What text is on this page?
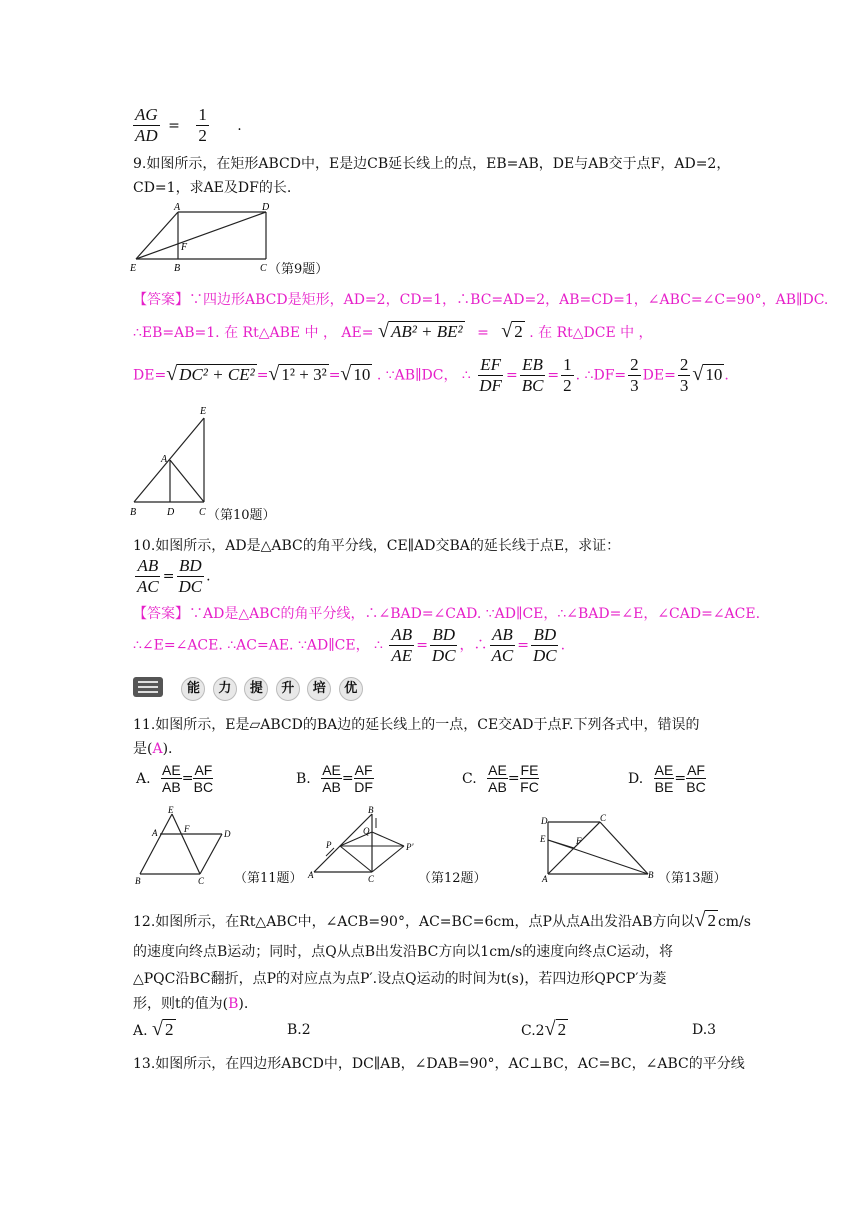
$\frac{AG}{AD} = \frac{1}{2}$ .
9.如图所示，在矩形ABCD中，E是边CB延长线上的点，EB=AB，DE与AB交于点F，AD=2，
CD=1，求AE及DF的长.
A	D
F
E	B	C （第9题）
【答案】∵四边形ABCD是矩形，AD=2，CD=1，∴BC=AD=2，AB=CD=1，∠ABC=∠C=90°，AB∥DC.
∴EB=AB=1. 在 Rt△ABE 中 ， AE= √ AB² + BE² = √ 2 . 在 Rt△DCE 中 ，
DE=√ DC² + CE² =√ 1² + 3² =√ 10 . ∵AB∥DC， ∴ $\frac{EF}{DF} = \frac{EB}{BC} = \frac{1}{2}$ . ∴DF= $\frac{2}{3} DE= \frac{2}{3}$ √ 10 .
E
A
B	D C （第10题）
10.如图所示，AD是△ABC的角平分线，CE∥AD交BA的延长线于点E，求证：
$\frac{AB}{AC} = \frac{BD}{DC}$ .
【答案】∵AD是△ABC的角平分线，∴∠BAD=∠CAD. ∵AD∥CE，∴∠BAD=∠E，∠CAD=∠ACE.
∴∠E=∠ACE. ∴AC=AE. ∵AD∥CE， ∴ $\frac{AB}{AE} = \frac{BD}{DC}$ ，∴ $\frac{AB}{AC} = \frac{BD}{DC}$ .
能 力 提 升 培 优
11.如图所示，E是▱ABCD的BA边的延长线上的一点，CE交AD于点F.下列各式中，错误的
是(A).
A. $\frac{AE}{AB} = \frac{AF}{BC}$	B. $\frac{AE}{AB} = \frac{AF}{DF}$	C. $\frac{AE}{AB} = \frac{FE}{FC}$	D. $\frac{AE}{BE} = \frac{AF}{BC}$
E
A	F	D
B	C （第11题）
B
Q
P	P'
A	C	（第12题）
D	C
E	F
A	B （第13题）
12.如图所示，在Rt△ABC中，∠ACB=90°，AC=BC=6cm，点P从点A出发沿AB方向以√ 2 cm/s
的速度向终点B运动；同时，点Q从点B出发沿BC方向以1cm/s的速度向终点C运动，将
△PQC沿BC翻折，点P的对应点为点P′.设点Q运动的时间为t(s)，若四边形QPCP′为菱
形，则t的值为(B).
A. √ 2	B.2	C.2√ 2	D.3
13.如图所示，在四边形ABCD中，DC∥AB，∠DAB=90°，AC⊥BC，AC=BC，∠ABC的平分线
